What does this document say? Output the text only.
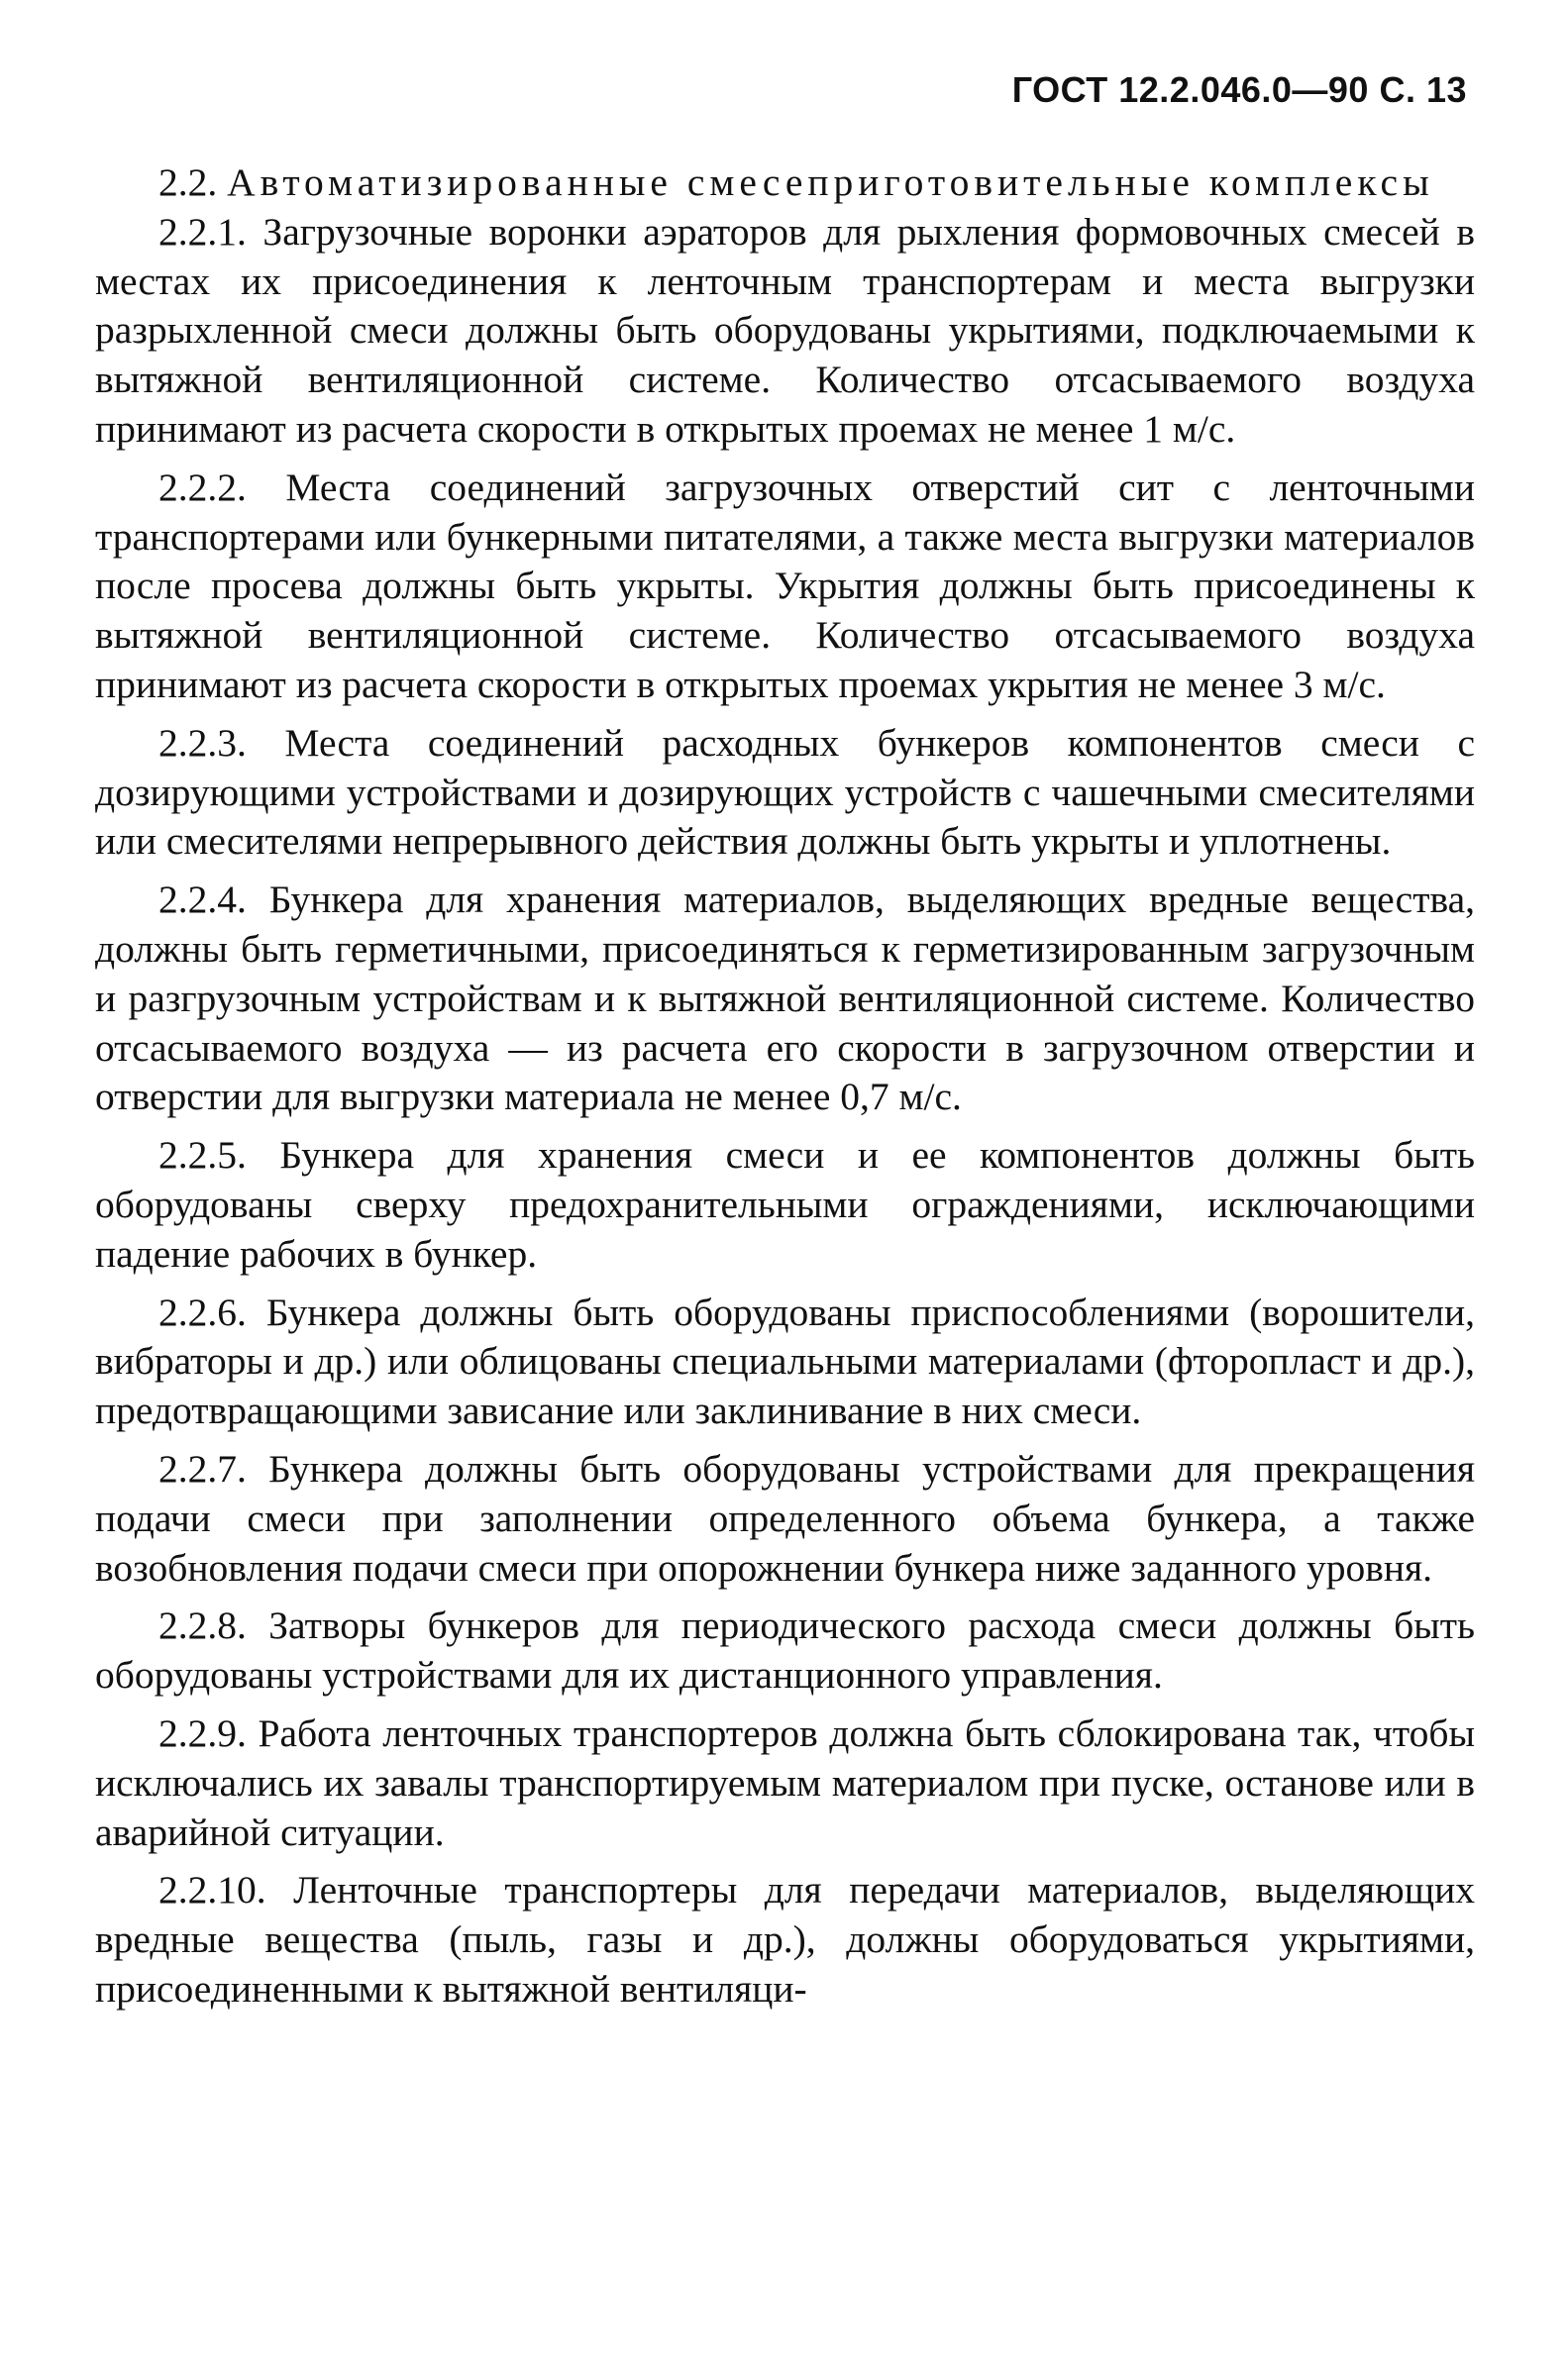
ГОСТ 12.2.046.0—90 С. 13

2.2. Автоматизированные смесеприготовительные комплексы

2.2.1. Загрузочные воронки аэраторов для рыхления формовочных смесей в местах их присоединения к ленточным транспортерам и места выгрузки разрыхленной смеси должны быть оборудованы укрытиями, подключаемыми к вытяжной вентиляционной системе. Количество отсасываемого воздуха принимают из расчета скорости в открытых проемах не менее 1 м/с.

2.2.2. Места соединений загрузочных отверстий сит с ленточными транспортерами или бункерными питателями, а также места выгрузки материалов после просева должны быть укрыты. Укрытия должны быть присоединены к вытяжной вентиляционной системе. Количество отсасываемого воздуха принимают из расчета скорости в открытых проемах укрытия не менее 3 м/с.

2.2.3. Места соединений расходных бункеров компонентов смеси с дозирующими устройствами и дозирующих устройств с чашечными смесителями или смесителями непрерывного действия должны быть укрыты и уплотнены.

2.2.4. Бункера для хранения материалов, выделяющих вредные вещества, должны быть герметичными, присоединяться к герметизированным загрузочным и разгрузочным устройствам и к вытяжной вентиляционной системе. Количество отсасываемого воздуха — из расчета его скорости в загрузочном отверстии и отверстии для выгрузки материала не менее 0,7 м/с.

2.2.5. Бункера для хранения смеси и ее компонентов должны быть оборудованы сверху предохранительными ограждениями, исключающими падение рабочих в бункер.

2.2.6. Бункера должны быть оборудованы приспособлениями (ворошители, вибраторы и др.) или облицованы специальными материалами (фторопласт и др.), предотвращающими зависание или заклинивание в них смеси.

2.2.7. Бункера должны быть оборудованы устройствами для прекращения подачи смеси при заполнении определенного объема бункера, а также возобновления подачи смеси при опорожнении бункера ниже заданного уровня.

2.2.8. Затворы бункеров для периодического расхода смеси должны быть оборудованы устройствами для их дистанционного управления.

2.2.9. Работа ленточных транспортеров должна быть сблокирована так, чтобы исключались их завалы транспортируемым материалом при пуске, останове или в аварийной ситуации.

2.2.10. Ленточные транспортеры для передачи материалов, выделяющих вредные вещества (пыль, газы и др.), должны оборудоваться укрытиями, присоединенными к вытяжной вентиляци-
